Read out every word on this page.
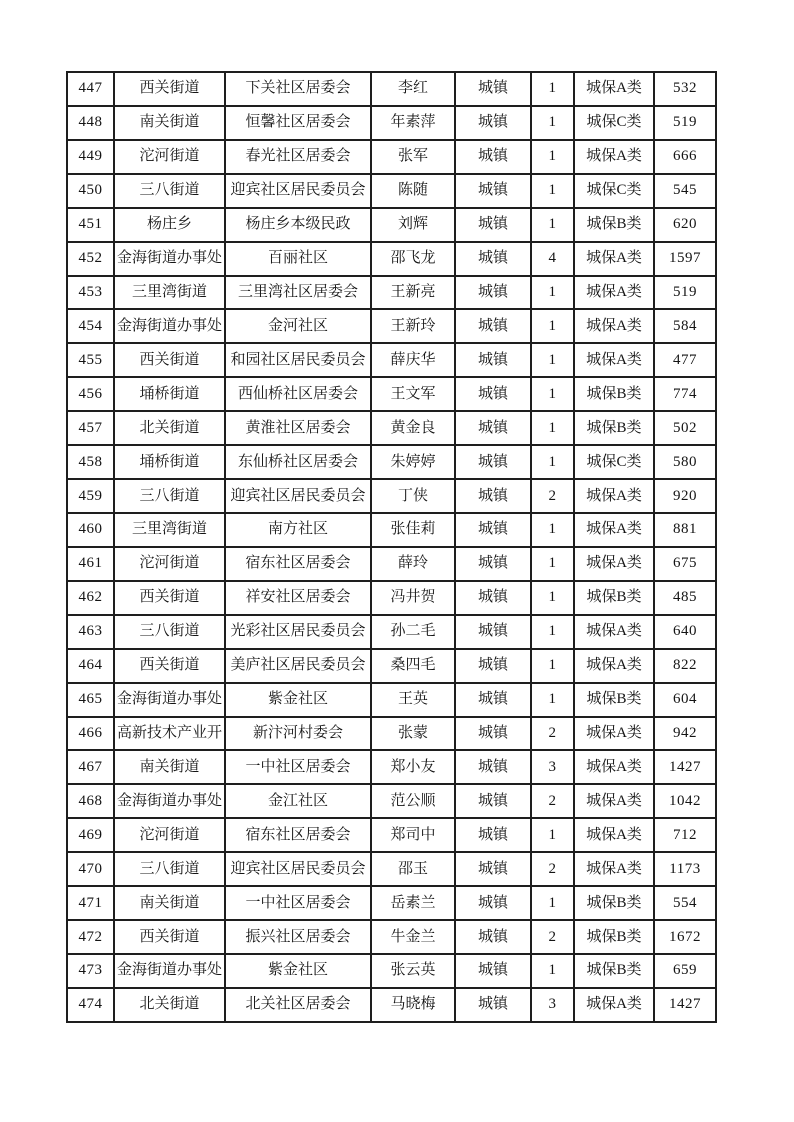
447	西关街道	下关社区居委会	李红	城镇	1	城保A类	532
448	南关街道	恒馨社区居委会	年素萍	城镇	1	城保C类	519
449	沱河街道	春光社区居委会	张军	城镇	1	城保A类	666
450	三八街道	迎宾社区居民委员会	陈随	城镇	1	城保C类	545
451	杨庄乡	杨庄乡本级民政	刘辉	城镇	1	城保B类	620
452	金海街道办事处	百丽社区	邵飞龙	城镇	4	城保A类	1597
453	三里湾街道	三里湾社区居委会	王新亮	城镇	1	城保A类	519
454	金海街道办事处	金河社区	王新玲	城镇	1	城保A类	584
455	西关街道	和园社区居民委员会	薛庆华	城镇	1	城保A类	477
456	埇桥街道	西仙桥社区居委会	王文军	城镇	1	城保B类	774
457	北关街道	黄淮社区居委会	黄金良	城镇	1	城保B类	502
458	埇桥街道	东仙桥社区居委会	朱婷婷	城镇	1	城保C类	580
459	三八街道	迎宾社区居民委员会	丁侠	城镇	2	城保A类	920
460	三里湾街道	南方社区	张佳莉	城镇	1	城保A类	881
461	沱河街道	宿东社区居委会	薛玲	城镇	1	城保A类	675
462	西关街道	祥安社区居委会	冯井贺	城镇	1	城保B类	485
463	三八街道	光彩社区居民委员会	孙二毛	城镇	1	城保A类	640
464	西关街道	美庐社区居民委员会	桑四毛	城镇	1	城保A类	822
465	金海街道办事处	紫金社区	王英	城镇	1	城保B类	604
466	高新技术产业开	新汴河村委会	张蒙	城镇	2	城保A类	942
467	南关街道	一中社区居委会	郑小友	城镇	3	城保A类	1427
468	金海街道办事处	金江社区	范公顺	城镇	2	城保A类	1042
469	沱河街道	宿东社区居委会	郑司中	城镇	1	城保A类	712
470	三八街道	迎宾社区居民委员会	邵玉	城镇	2	城保A类	1173
471	南关街道	一中社区居委会	岳素兰	城镇	1	城保B类	554
472	西关街道	振兴社区居委会	牛金兰	城镇	2	城保B类	1672
473	金海街道办事处	紫金社区	张云英	城镇	1	城保B类	659
474	北关街道	北关社区居委会	马晓梅	城镇	3	城保A类	1427
